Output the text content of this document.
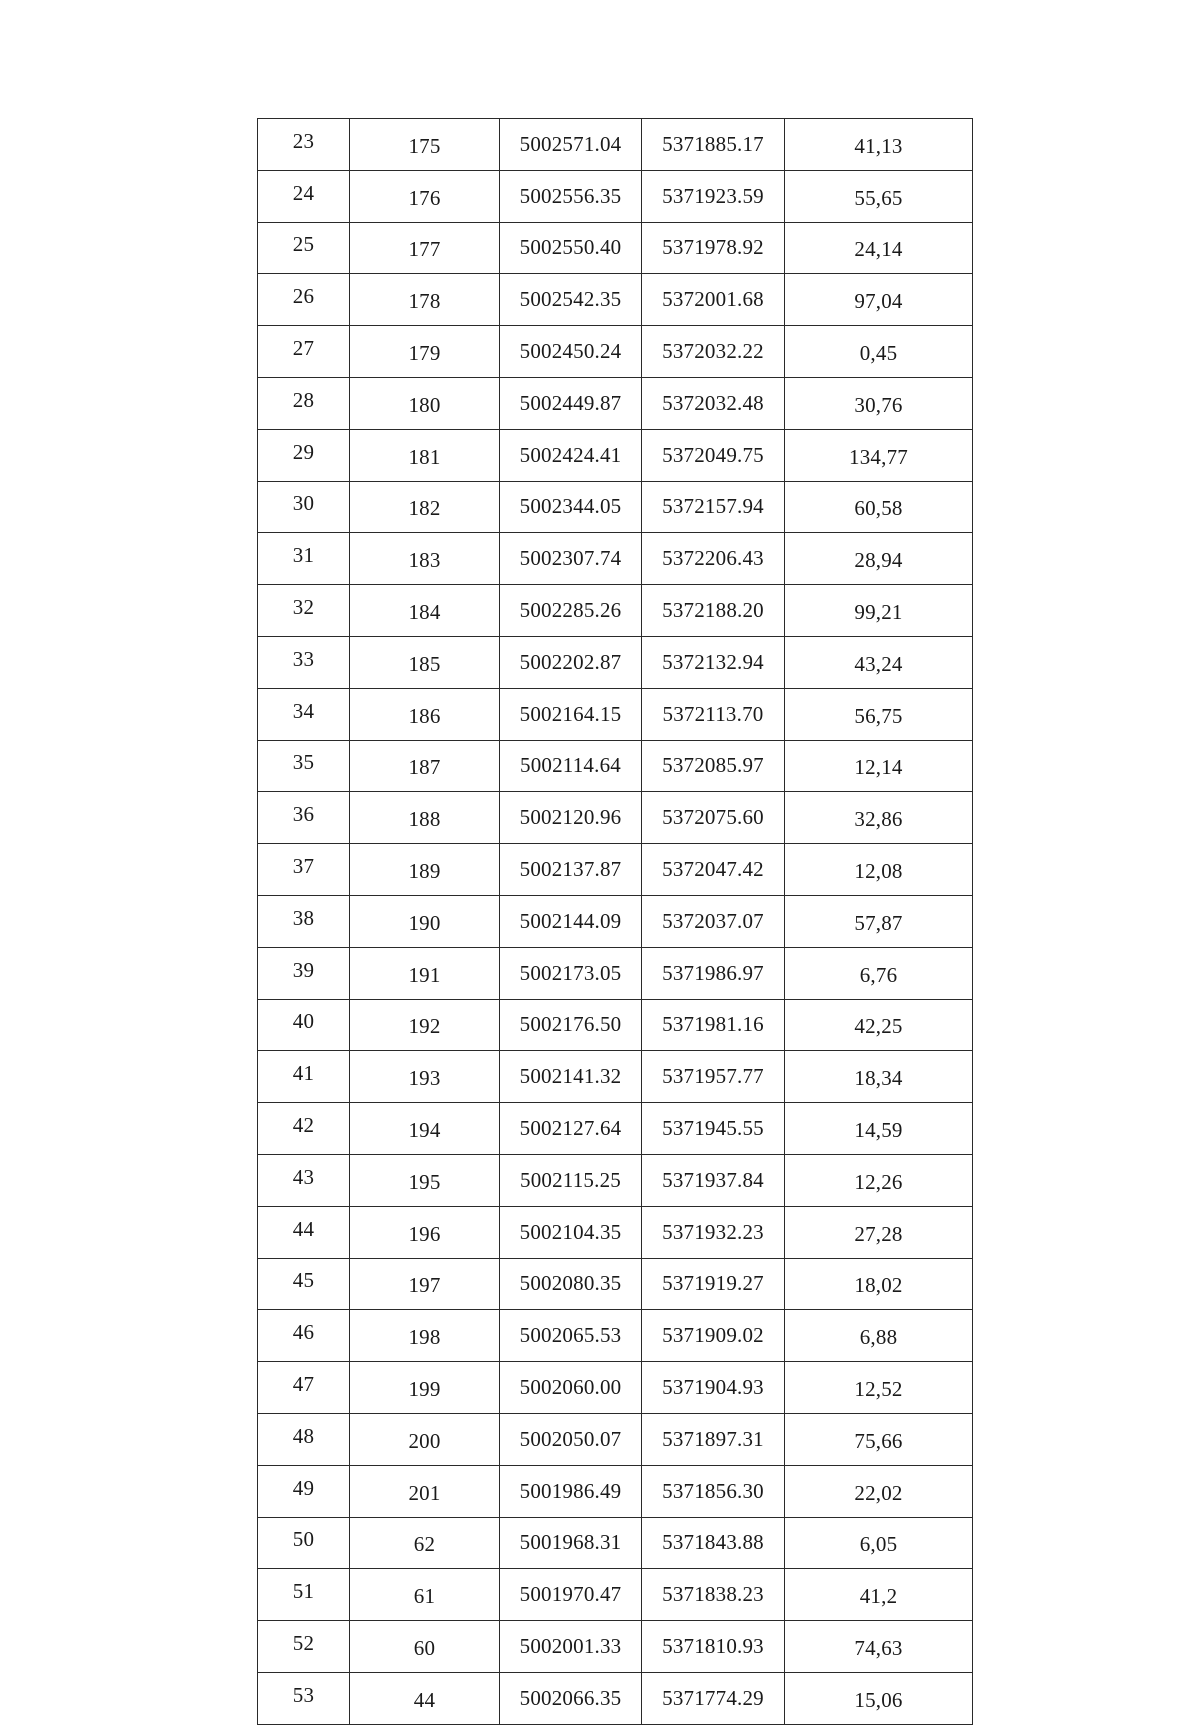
23	175	5002571.04	5371885.17	41,13
24	176	5002556.35	5371923.59	55,65
25	177	5002550.40	5371978.92	24,14
26	178	5002542.35	5372001.68	97,04
27	179	5002450.24	5372032.22	0,45
28	180	5002449.87	5372032.48	30,76
29	181	5002424.41	5372049.75	134,77
30	182	5002344.05	5372157.94	60,58
31	183	5002307.74	5372206.43	28,94
32	184	5002285.26	5372188.20	99,21
33	185	5002202.87	5372132.94	43,24
34	186	5002164.15	5372113.70	56,75
35	187	5002114.64	5372085.97	12,14
36	188	5002120.96	5372075.60	32,86
37	189	5002137.87	5372047.42	12,08
38	190	5002144.09	5372037.07	57,87
39	191	5002173.05	5371986.97	6,76
40	192	5002176.50	5371981.16	42,25
41	193	5002141.32	5371957.77	18,34
42	194	5002127.64	5371945.55	14,59
43	195	5002115.25	5371937.84	12,26
44	196	5002104.35	5371932.23	27,28
45	197	5002080.35	5371919.27	18,02
46	198	5002065.53	5371909.02	6,88
47	199	5002060.00	5371904.93	12,52
48	200	5002050.07	5371897.31	75,66
49	201	5001986.49	5371856.30	22,02
50	62	5001968.31	5371843.88	6,05
51	61	5001970.47	5371838.23	41,2
52	60	5002001.33	5371810.93	74,63
53	44	5002066.35	5371774.29	15,06
